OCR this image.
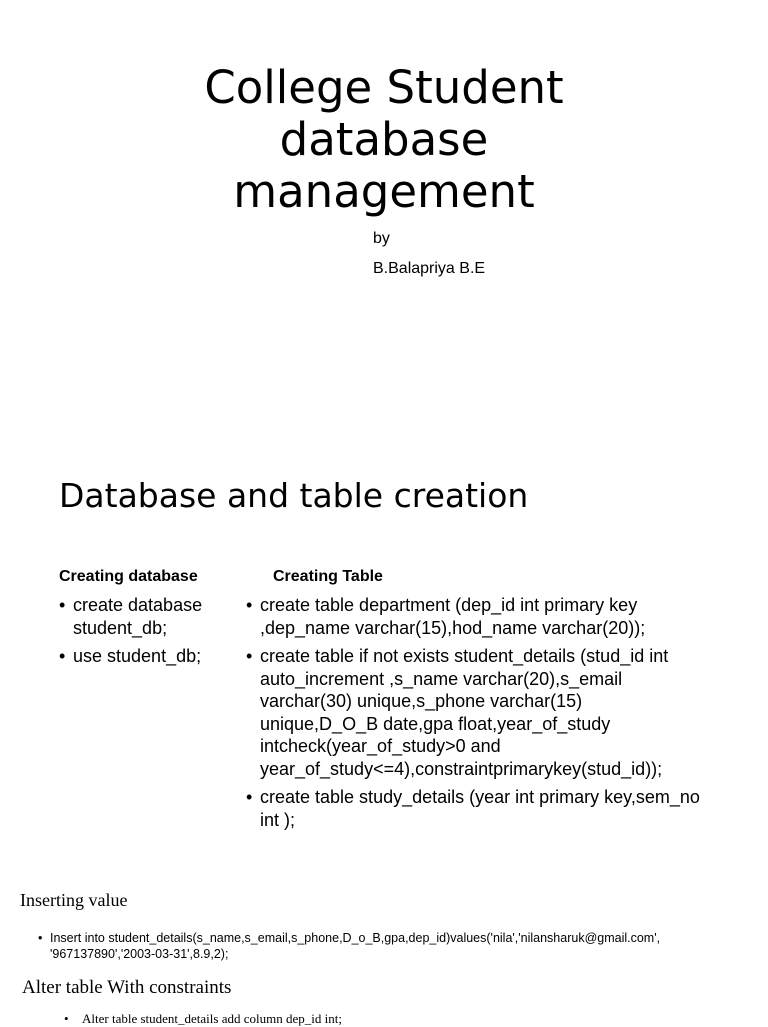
College Student
database
management
by
B.Balapriya B.E
Database and table creation
Creating database	Creating Table
• create database student_db;
• use student_db;
• create table department (dep_id int primary key ,dep_name varchar(15),hod_name varchar(20));
• create table if not exists student_details (stud_id int auto_increment ,s_name varchar(20),s_email varchar(30) unique,s_phone varchar(15) unique,D_O_B date,gpa float,year_of_study intcheck(year_of_study>0 and year_of_study<=4),constraintprimarykey(stud_id));
• create table study_details (year int primary key,sem_no int );
Inserting value
• Insert into student_details(s_name,s_email,s_phone,D_o_B,gpa,dep_id)values('nila','nilansharuk@gmail.com', '967137890','2003-03-31',8.9,2);
Alter table With constraints
• Alter table student_details add column dep_id int;
